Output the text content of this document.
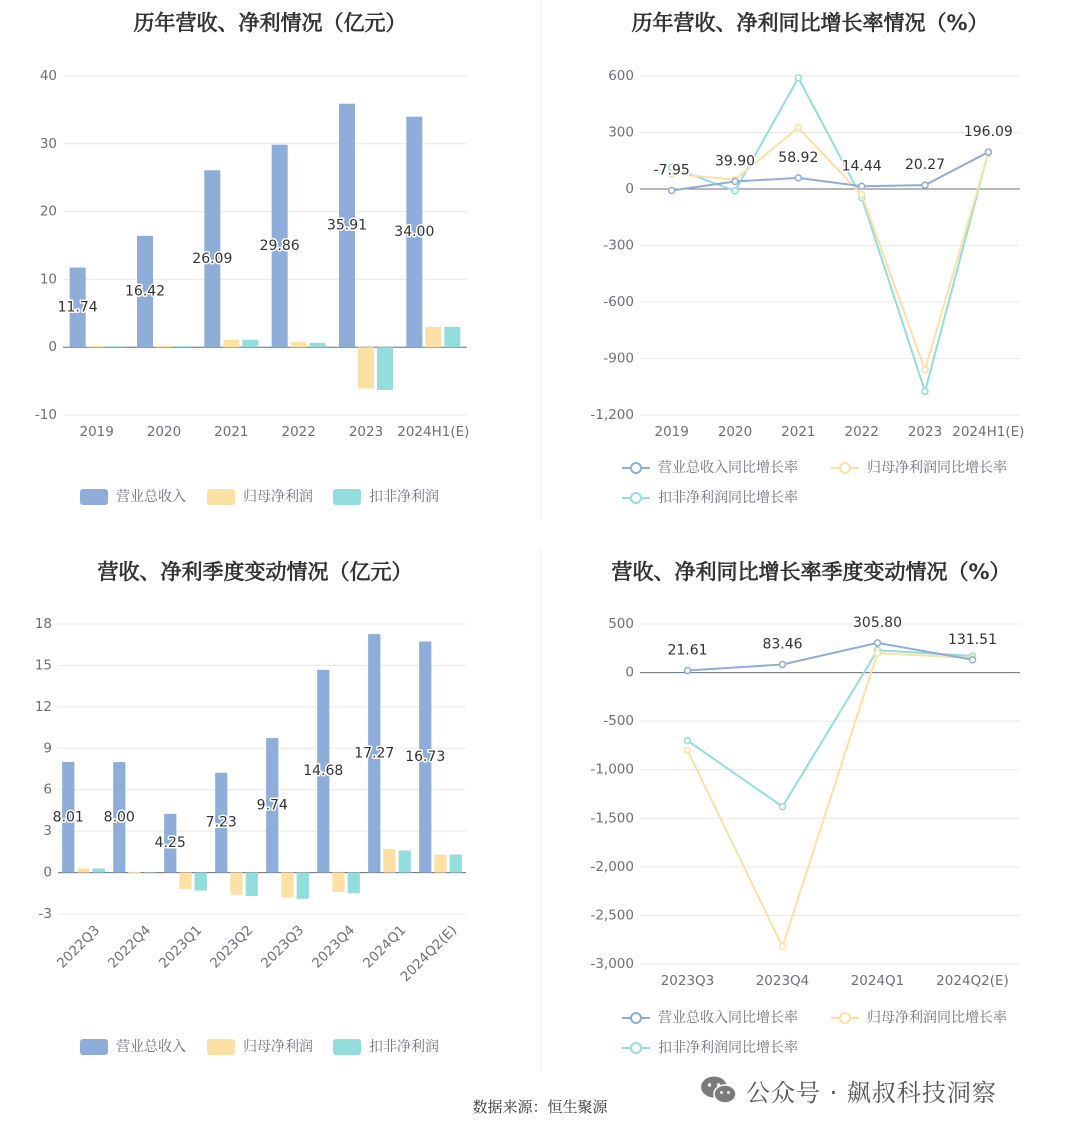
历年营收、净利情况（亿元）
-10
0
10
20
30
40
2019 2020 2021 2022 2023 2024H1(E)
11.74
16.42
26.09
29.86
35.91 34.00
营业总收入	归母净利润	扣非净利润
历年营收、净利同比增长率情况（%）
-1,200
-900
-600
-300
0
300
600
2019 2020 2021 2022 2023 2024H1(E)
-7.95
39.90 58.92
14.44 20.27
196.09
营业总收入同比增长率	归母净利润同比增长率
扣非净利润同比增长率
营收、净利季度变动情况（亿元）
-3
0
3
6
9
12
15
18
2022Q3 2022Q4 2023Q1 2023Q2 2023Q3 2023Q4 2024Q1
2024Q2(E)
8.01 8.00
4.25
7.23
9.74
14.68
17.27 16.73
营业总收入	归母净利润	扣非净利润
营收、净利同比增长率季度变动情况（%）
-3,000
-2,500
-2,000
-1,500
-1,000
-500
0
500
2023Q3	2023Q4	2024Q1 2024Q2(E)
21.61	83.46
305.80
131.51
营业总收入同比增长率	归母净利润同比增长率
扣非净利润同比增长率
数据来源：恒生聚源
公众号 · 飙叔科技洞察
